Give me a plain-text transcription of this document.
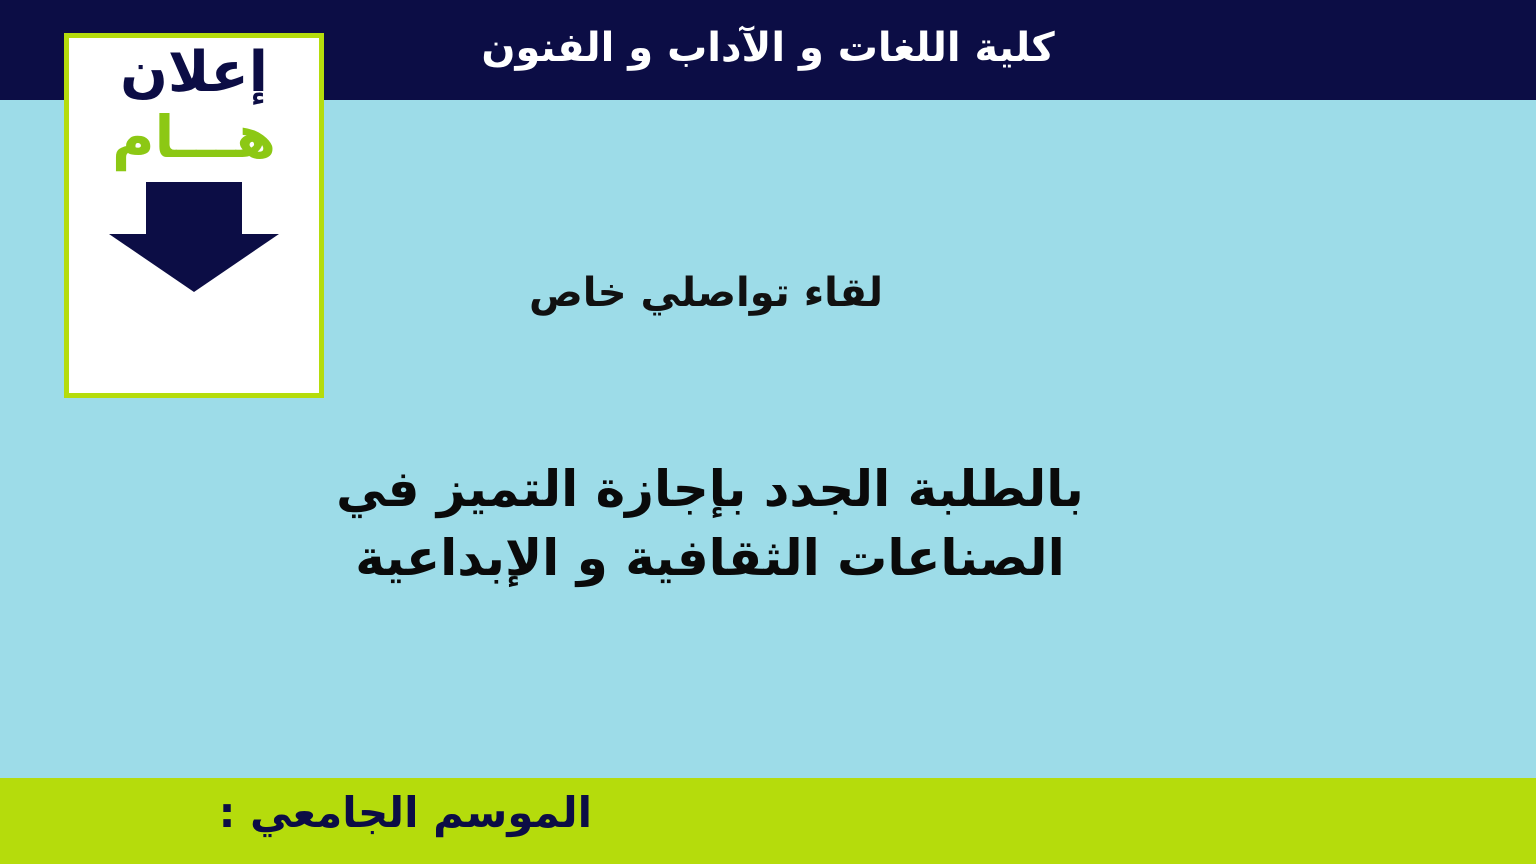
كلية اللغات و الآداب و الفنون
إعلان
هـــام
لقاء تواصلي خاص
بالطلبة الجدد بإجازة التميز في الصناعات الثقافية و الإبداعية
الموسم الجامعي :
